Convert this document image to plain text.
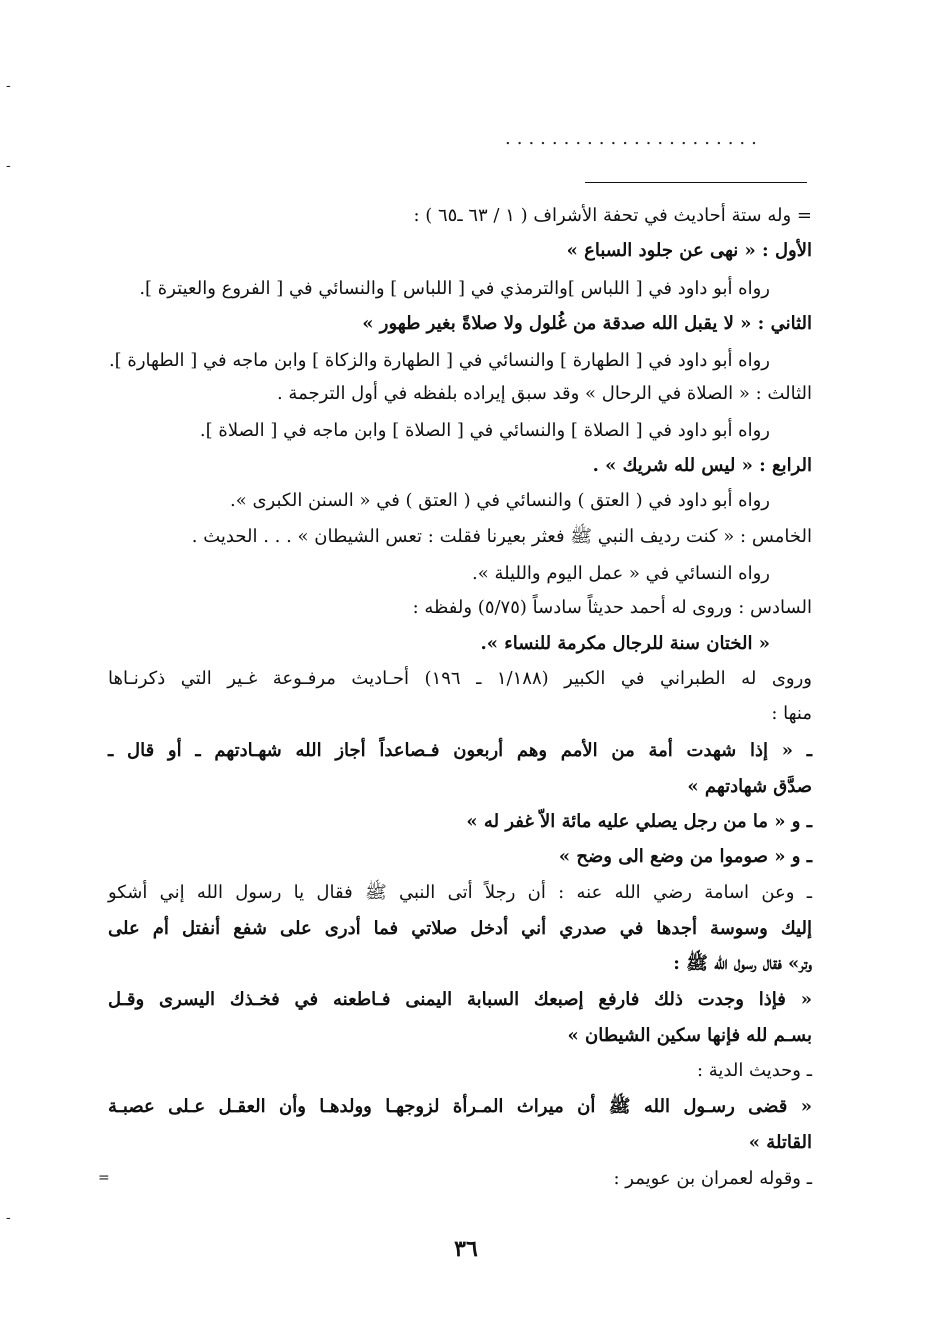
......................
= وله ستة أحاديث في تحفة الأشراف ( ١ / ٦٣ ـ٦٥ ) :
الأول : « نهى عن جلود السباع »
رواه أبو داود في [ اللباس ]والترمذي في [ اللباس ] والنسائي في [ الفروع والعيترة ].
الثاني : « لا يقبل الله صدقة من غُلول ولا صلاةً بغير طهور »
رواه أبو داود في [ الطهارة ] والنسائي في [ الطهارة والزكاة ] وابن ماجه في [ الطهارة ].
الثالث : « الصلاة في الرحال » وقد سبق إيراده بلفظه في أول الترجمة .
رواه أبو داود في [ الصلاة ] والنسائي في [ الصلاة ] وابن ماجه في [ الصلاة ].
الرابع : « ليس لله شريك » .
رواه أبو داود في ( العتق ) والنسائي في ( العتق ) في « السنن الكبرى ».
الخامس : « كنت رديف النبي ﷺ فعثر بعيرنا فقلت : تعس الشيطان » . . . الحديث .
رواه النسائي في « عمل اليوم والليلة ».
السادس : وروى له أحمد حديثاً سادساً (٥/٧٥) ولفظه :
« الختان سنة للرجال مكرمة للنساء ».
وروى له الطبراني في الكبير (١/١٨٨ ـ ١٩٦) أحـاديث مرفـوعة غـير التي ذكرنـاها
منها :
ـ « إذا شهدت أمة من الأمم وهم أربعون فـصاعداً أجاز الله شهـادتهم ـ أو قال ـ
صدَّق شهادتهم »
ـ و « ما من رجل يصلي عليه مائة الاّ غفر له »
ـ و « صوموا من وضع الى وضح »
ـ وعن اسامة رضي الله عنه : أن رجلاً أتى النبي ﷺ فقال يا رسول الله إني أشكو
إليك وسوسة أجدها في صدري أني أدخل صلاتي فما أدرى على شفع أنفتل أم على
وتر» فقال رسول الله ﷺ :
« فإذا وجدت ذلك فارفع إصبعك السبابة اليمنى فـاطعنه في فخـذك اليسرى وقـل
بسـم لله فإنها سكين الشيطان »
ـ وحديث الدية :
« قضى رسـول الله ﷺ أن ميراث المـرأة لزوجهـا وولدهـا وأن العقـل عـلى عصبـة
القاتلة »
ـ وقوله لعمران بن عويمر :
=
٣٦
-
-
-
